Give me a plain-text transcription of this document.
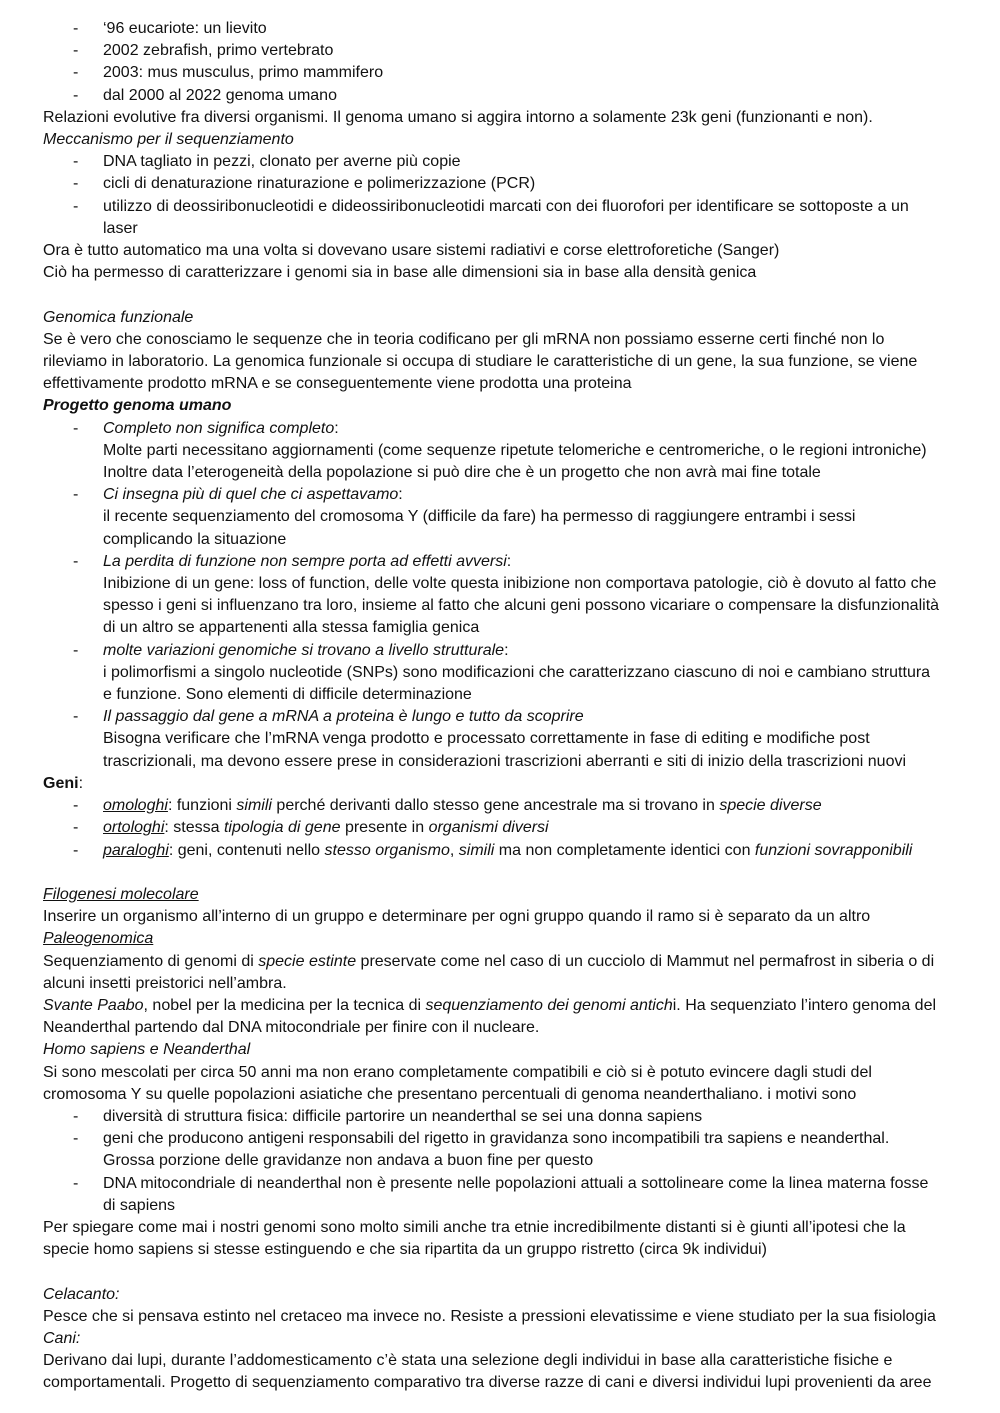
- ‘96 eucariote: un lievito
- 2002 zebrafish, primo vertebrato
- 2003: mus musculus, primo mammifero
- dal 2000 al 2022 genoma umano
Relazioni evolutive fra diversi organismi. Il genoma umano si aggira intorno a solamente 23k geni (funzionanti e non).
Meccanismo per il sequenziamento
- DNA tagliato in pezzi, clonato per averne più copie
- cicli di denaturazione rinaturazione e polimerizzazione (PCR)
- utilizzo di deossiribonucleotidi e dideossiribonucleotidi marcati con dei fluorofori per identificare se sottoposte a un
laser
Ora è tutto automatico ma una volta si dovevano usare sistemi radiativi e corse elettroforetiche (Sanger)
Ciò ha permesso di caratterizzare i genomi sia in base alle dimensioni sia in base alla densità genica
Genomica funzionale
Se è vero che conosciamo le sequenze che in teoria codificano per gli mRNA non possiamo esserne certi finché non lo
rileviamo in laboratorio. La genomica funzionale si occupa di studiare le caratteristiche di un gene, la sua funzione, se viene
effettivamente prodotto mRNA e se conseguentemente viene prodotta una proteina
Progetto genoma umano
- Completo non significa completo:
Molte parti necessitano aggiornamenti (come sequenze ripetute telomeriche e centromeriche, o le regioni introniche)
Inoltre data l’eterogeneità della popolazione si può dire che è un progetto che non avrà mai fine totale
- Ci insegna più di quel che ci aspettavamo:
il recente sequenziamento del cromosoma Y (difficile da fare) ha permesso di raggiungere entrambi i sessi
complicando la situazione
- La perdita di funzione non sempre porta ad effetti avversi:
Inibizione di un gene: loss of function, delle volte questa inibizione non comportava patologie, ciò è dovuto al fatto che
spesso i geni si influenzano tra loro, insieme al fatto che alcuni geni possono vicariare o compensare la disfunzionalità
di un altro se appartenenti alla stessa famiglia genica
- molte variazioni genomiche si trovano a livello strutturale:
i polimorfismi a singolo nucleotide (SNPs) sono modificazioni che caratterizzano ciascuno di noi e cambiano struttura
e funzione. Sono elementi di difficile determinazione
- Il passaggio dal gene a mRNA a proteina è lungo e tutto da scoprire
Bisogna verificare che l’mRNA venga prodotto e processato correttamente in fase di editing e modifiche post
trascrizionali, ma devono essere prese in considerazioni trascrizioni aberranti e siti di inizio della trascrizioni nuovi
Geni:
- omologhi: funzioni simili perché derivanti dallo stesso gene ancestrale ma si trovano in specie diverse
- ortologhi: stessa tipologia di gene presente in organismi diversi
- paraloghi: geni, contenuti nello stesso organismo, simili ma non completamente identici con funzioni sovrapponibili
Filogenesi molecolare
Inserire un organismo all’interno di un gruppo e determinare per ogni gruppo quando il ramo si è separato da un altro
Paleogenomica
Sequenziamento di genomi di specie estinte preservate come nel caso di un cucciolo di Mammut nel permafrost in siberia o di
alcuni insetti preistorici nell’ambra.
Svante Paabo, nobel per la medicina per la tecnica di sequenziamento dei genomi antichi. Ha sequenziato l’intero genoma del
Neanderthal partendo dal DNA mitocondriale per finire con il nucleare.
Homo sapiens e Neanderthal
Si sono mescolati per circa 50 anni ma non erano completamente compatibili e ciò si è potuto evincere dagli studi del
cromosoma Y su quelle popolazioni asiatiche che presentano percentuali di genoma neanderthaliano. i motivi sono
- diversità di struttura fisica: difficile partorire un neanderthal se sei una donna sapiens
- geni che producono antigeni responsabili del rigetto in gravidanza sono incompatibili tra sapiens e neanderthal.
Grossa porzione delle gravidanze non andava a buon fine per questo
- DNA mitocondriale di neanderthal non è presente nelle popolazioni attuali a sottolineare come la linea materna fosse
di sapiens
Per spiegare come mai i nostri genomi sono molto simili anche tra etnie incredibilmente distanti si è giunti all’ipotesi che la
specie homo sapiens si stesse estinguendo e che sia ripartita da un gruppo ristretto (circa 9k individui)
Celacanto:
Pesce che si pensava estinto nel cretaceo ma invece no. Resiste a pressioni elevatissime e viene studiato per la sua fisiologia
Cani:
Derivano dai lupi, durante l’addomesticamento c’è stata una selezione degli individui in base alla caratteristiche fisiche e
comportamentali. Progetto di sequenziamento comparativo tra diverse razze di cani e diversi individui lupi provenienti da aree
